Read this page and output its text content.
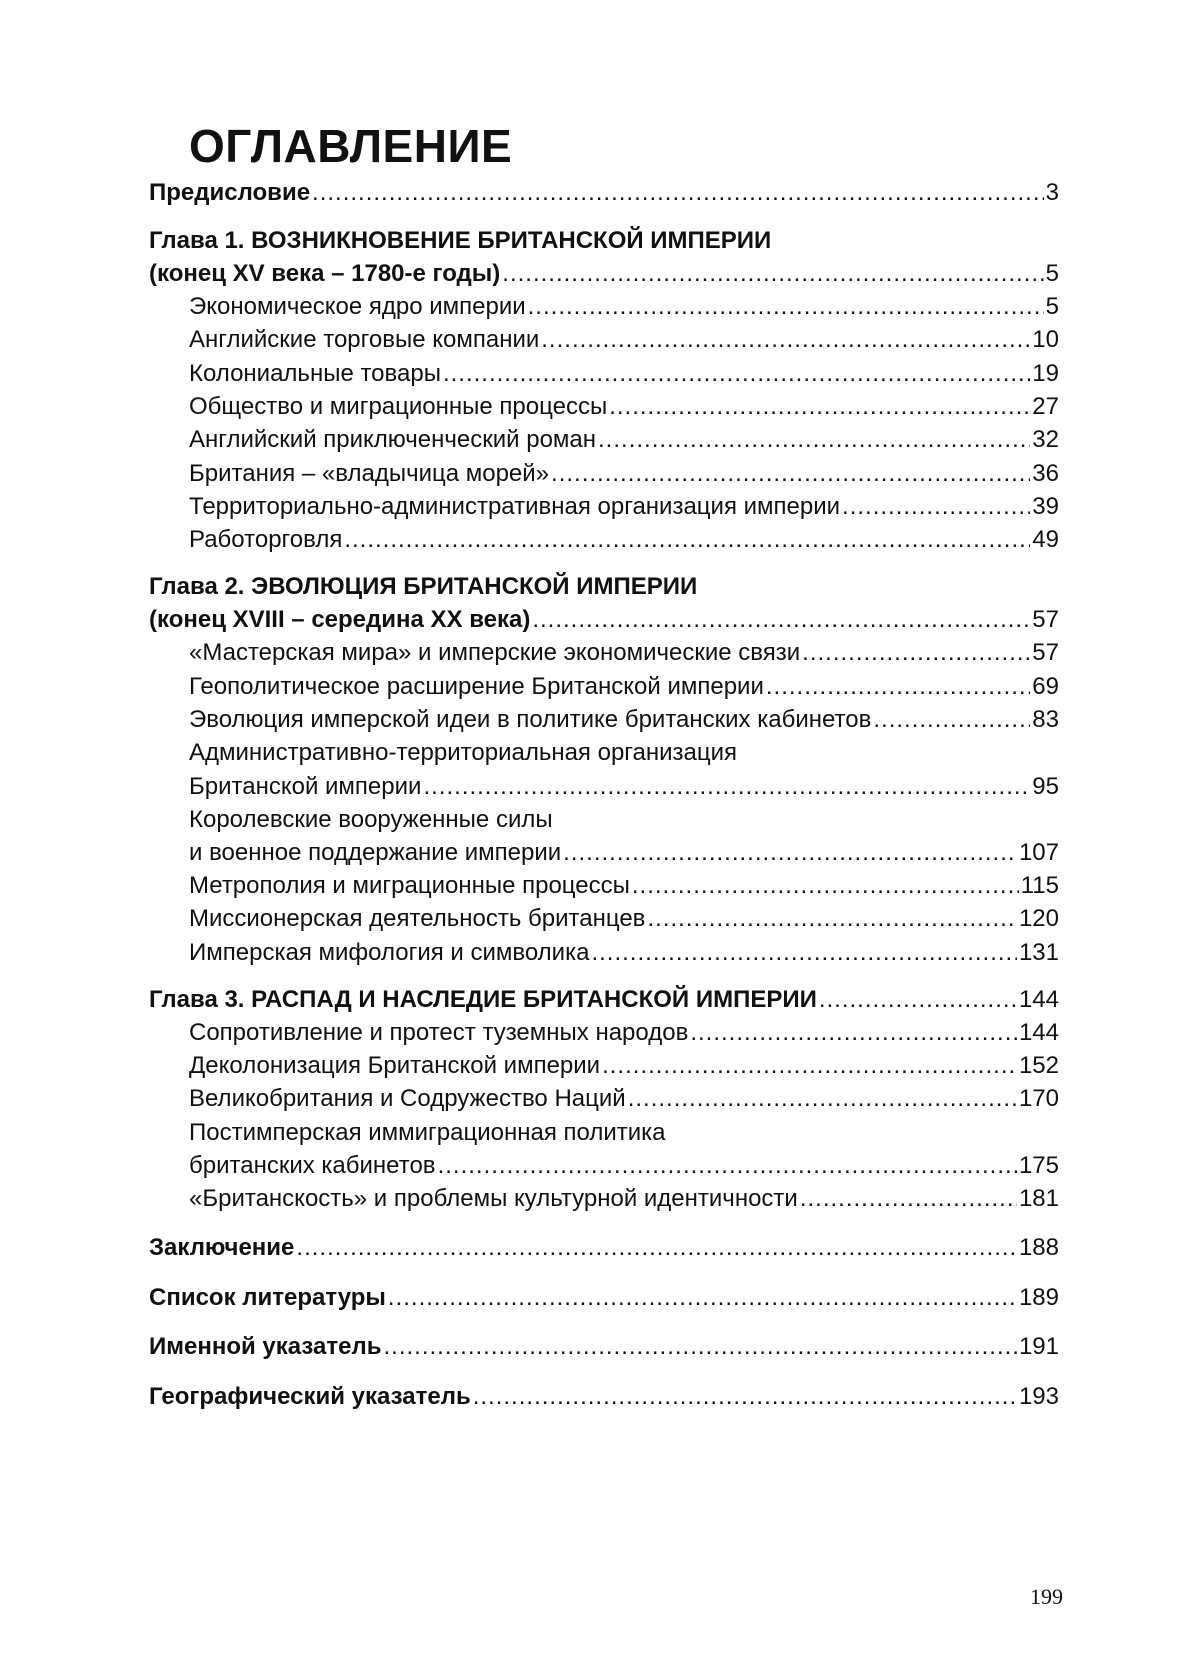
ОГЛАВЛЕНИЕ
Предисловие .....	3
Глава 1. ВОЗНИКНОВЕНИЕ БРИТАНСКОЙ ИМПЕРИИ
(конец XV века – 1780-е годы) .....	5
Экономическое ядро империи .....	5
Английские торговые компании .....	10
Колониальные товары .....	19
Общество и миграционные процессы .....	27
Английский приключенческий роман .....	32
Британия – «владычица морей» .....	36
Территориально-административная организация империи .....	39
Работорговля .....	49
Глава 2. ЭВОЛЮЦИЯ БРИТАНСКОЙ ИМПЕРИИ
(конец XVIII – середина XX века) .....	57
«Мастерская мира» и имперские экономические связи .....	57
Геополитическое расширение Британской империи .....	69
Эволюция имперской идеи в политике британских кабинетов .....	83
Административно-территориальная организация
Британской империи .....	95
Королевские вооруженные силы
и военное поддержание империи .....	107
Метрополия и миграционные процессы .....	115
Миссионерская деятельность британцев .....	120
Имперская мифология и символика .....	131
Глава 3. РАСПАД И НАСЛЕДИЕ БРИТАНСКОЙ ИМПЕРИИ .....	144
Сопротивление и протест туземных народов .....	144
Деколонизация Британской империи .....	152
Великобритания и Содружество Наций .....	170
Постимперская иммиграционная политика
британских кабинетов .....	175
«Британскость» и проблемы культурной идентичности .....	181
Заключение .....	188
Список литературы .....	189
Именной указатель .....	191
Географический указатель .....	193
199
